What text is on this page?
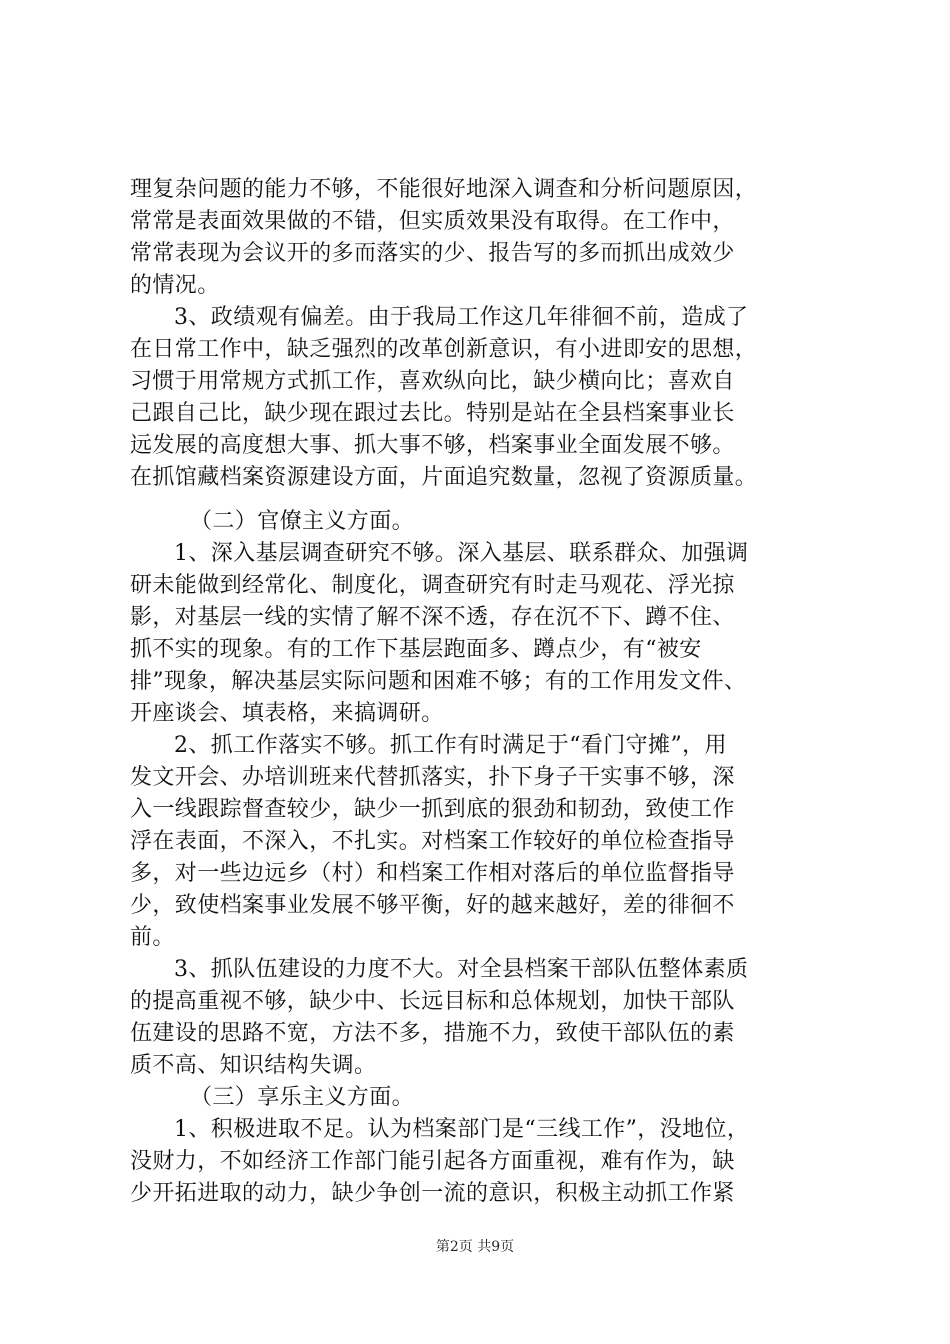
理复杂问题的能力不够，不能很好地深入调查和分析问题原因，
常常是表面效果做的不错，但实质效果没有取得。在工作中，
常常表现为会议开的多而落实的少、报告写的多而抓出成效少
的情况。
3、政绩观有偏差。由于我局工作这几年徘徊不前，造成了
在日常工作中，缺乏强烈的改革创新意识，有小进即安的思想，
习惯于用常规方式抓工作，喜欢纵向比，缺少横向比；喜欢自
己跟自己比，缺少现在跟过去比。特别是站在全县档案事业长
远发展的高度想大事、抓大事不够，档案事业全面发展不够。
在抓馆藏档案资源建设方面，片面追究数量，忽视了资源质量。
（二）官僚主义方面。
1、深入基层调查研究不够。深入基层、联系群众、加强调
研未能做到经常化、制度化，调查研究有时走马观花、浮光掠
影，对基层一线的实情了解不深不透，存在沉不下、蹲不住、
抓不实的现象。有的工作下基层跑面多、蹲点少，有“被安
排”现象，解决基层实际问题和困难不够；有的工作用发文件、
开座谈会、填表格，来搞调研。
2、抓工作落实不够。抓工作有时满足于“看门守摊”，用
发文开会、办培训班来代替抓落实，扑下身子干实事不够，深
入一线跟踪督查较少，缺少一抓到底的狠劲和韧劲，致使工作
浮在表面，不深入，不扎实。对档案工作较好的单位检查指导
多，对一些边远乡（村）和档案工作相对落后的单位监督指导
少，致使档案事业发展不够平衡，好的越来越好，差的徘徊不
前。
3、抓队伍建设的力度不大。对全县档案干部队伍整体素质
的提高重视不够，缺少中、长远目标和总体规划，加快干部队
伍建设的思路不宽，方法不多，措施不力，致使干部队伍的素
质不高、知识结构失调。
（三）享乐主义方面。
1、积极进取不足。认为档案部门是“三线工作”，没地位，
没财力，不如经济工作部门能引起各方面重视，难有作为，缺
少开拓进取的动力，缺少争创一流的意识，积极主动抓工作紧
第2页 共9页
